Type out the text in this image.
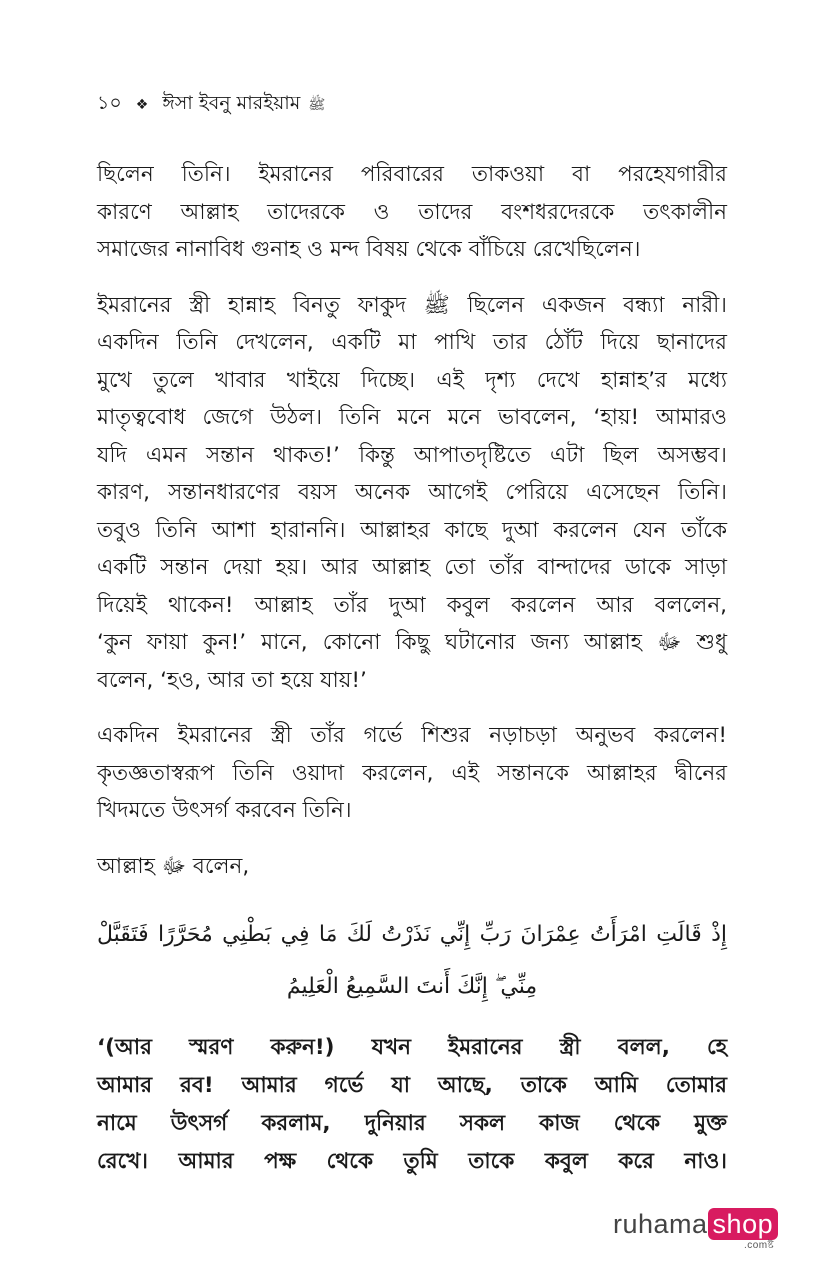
১০ ❖ ঈসা ইবনু মারইয়াম ﷺ
ছিলেন তিনি। ইমরানের পরিবারের তাকওয়া বা পরহেযগারীর
কারণে আল্লাহ তাদেরকে ও তাদের বংশধরদেরকে তৎকালীন
সমাজের নানাবিধ গুনাহ ও মন্দ বিষয় থেকে বাঁচিয়ে রেখেছিলেন।
ইমরানের স্ত্রী হান্নাহ বিনতু ফাকুদ ﷺ ছিলেন একজন বন্ধ্যা নারী।
একদিন তিনি দেখলেন, একটি মা পাখি তার ঠোঁট দিয়ে ছানাদের
মুখে তুলে খাবার খাইয়ে দিচ্ছে। এই দৃশ্য দেখে হান্নাহ’র মধ্যে
মাতৃত্ববোধ জেগে উঠল। তিনি মনে মনে ভাবলেন, ‘হায়! আমারও
যদি এমন সন্তান থাকত!’ কিন্তু আপাতদৃষ্টিতে এটা ছিল অসম্ভব।
কারণ, সন্তানধারণের বয়স অনেক আগেই পেরিয়ে এসেছেন তিনি।
তবুও তিনি আশা হারাননি। আল্লাহর কাছে দুআ করলেন যেন তাঁকে
একটি সন্তান দেয়া হয়। আর আল্লাহ তো তাঁর বান্দাদের ডাকে সাড়া
দিয়েই থাকেন! আল্লাহ তাঁর দুআ কবুল করলেন আর বললেন,
‘কুন ফায়া কুন!’ মানে, কোনো কিছু ঘটানোর জন্য আল্লাহ ﷻ শুধু
বলেন, ‘হও, আর তা হয়ে যায়!’
একদিন ইমরানের স্ত্রী তাঁর গর্ভে শিশুর নড়াচড়া অনুভব করলেন!
কৃতজ্ঞতাস্বরূপ তিনি ওয়াদা করলেন, এই সন্তানকে আল্লাহর দ্বীনের
খিদমতে উৎসর্গ করবেন তিনি।
আল্লাহ ﷻ বলেন,
إِذْ قَالَتِ امْرَأَتُ عِمْرَانَ رَبِّ إِنِّي نَذَرْتُ لَكَ مَا فِي بَطْنِي مُحَرَّرًا فَتَقَبَّلْ
مِنِّي ۖ إِنَّكَ أَنتَ السَّمِيعُ الْعَلِيمُ
‘(আর স্মরণ করুন!) যখন ইমরানের স্ত্রী বলল, হে
আমার রব! আমার গর্ভে যা আছে, তাকে আমি তোমার
নামে উৎসর্গ করলাম, দুনিয়ার সকল কাজ থেকে মুক্ত
রেখে। আমার পক্ষ থেকে তুমি তাকে কবুল করে নাও।
ruhama shop
.comষ্ট
